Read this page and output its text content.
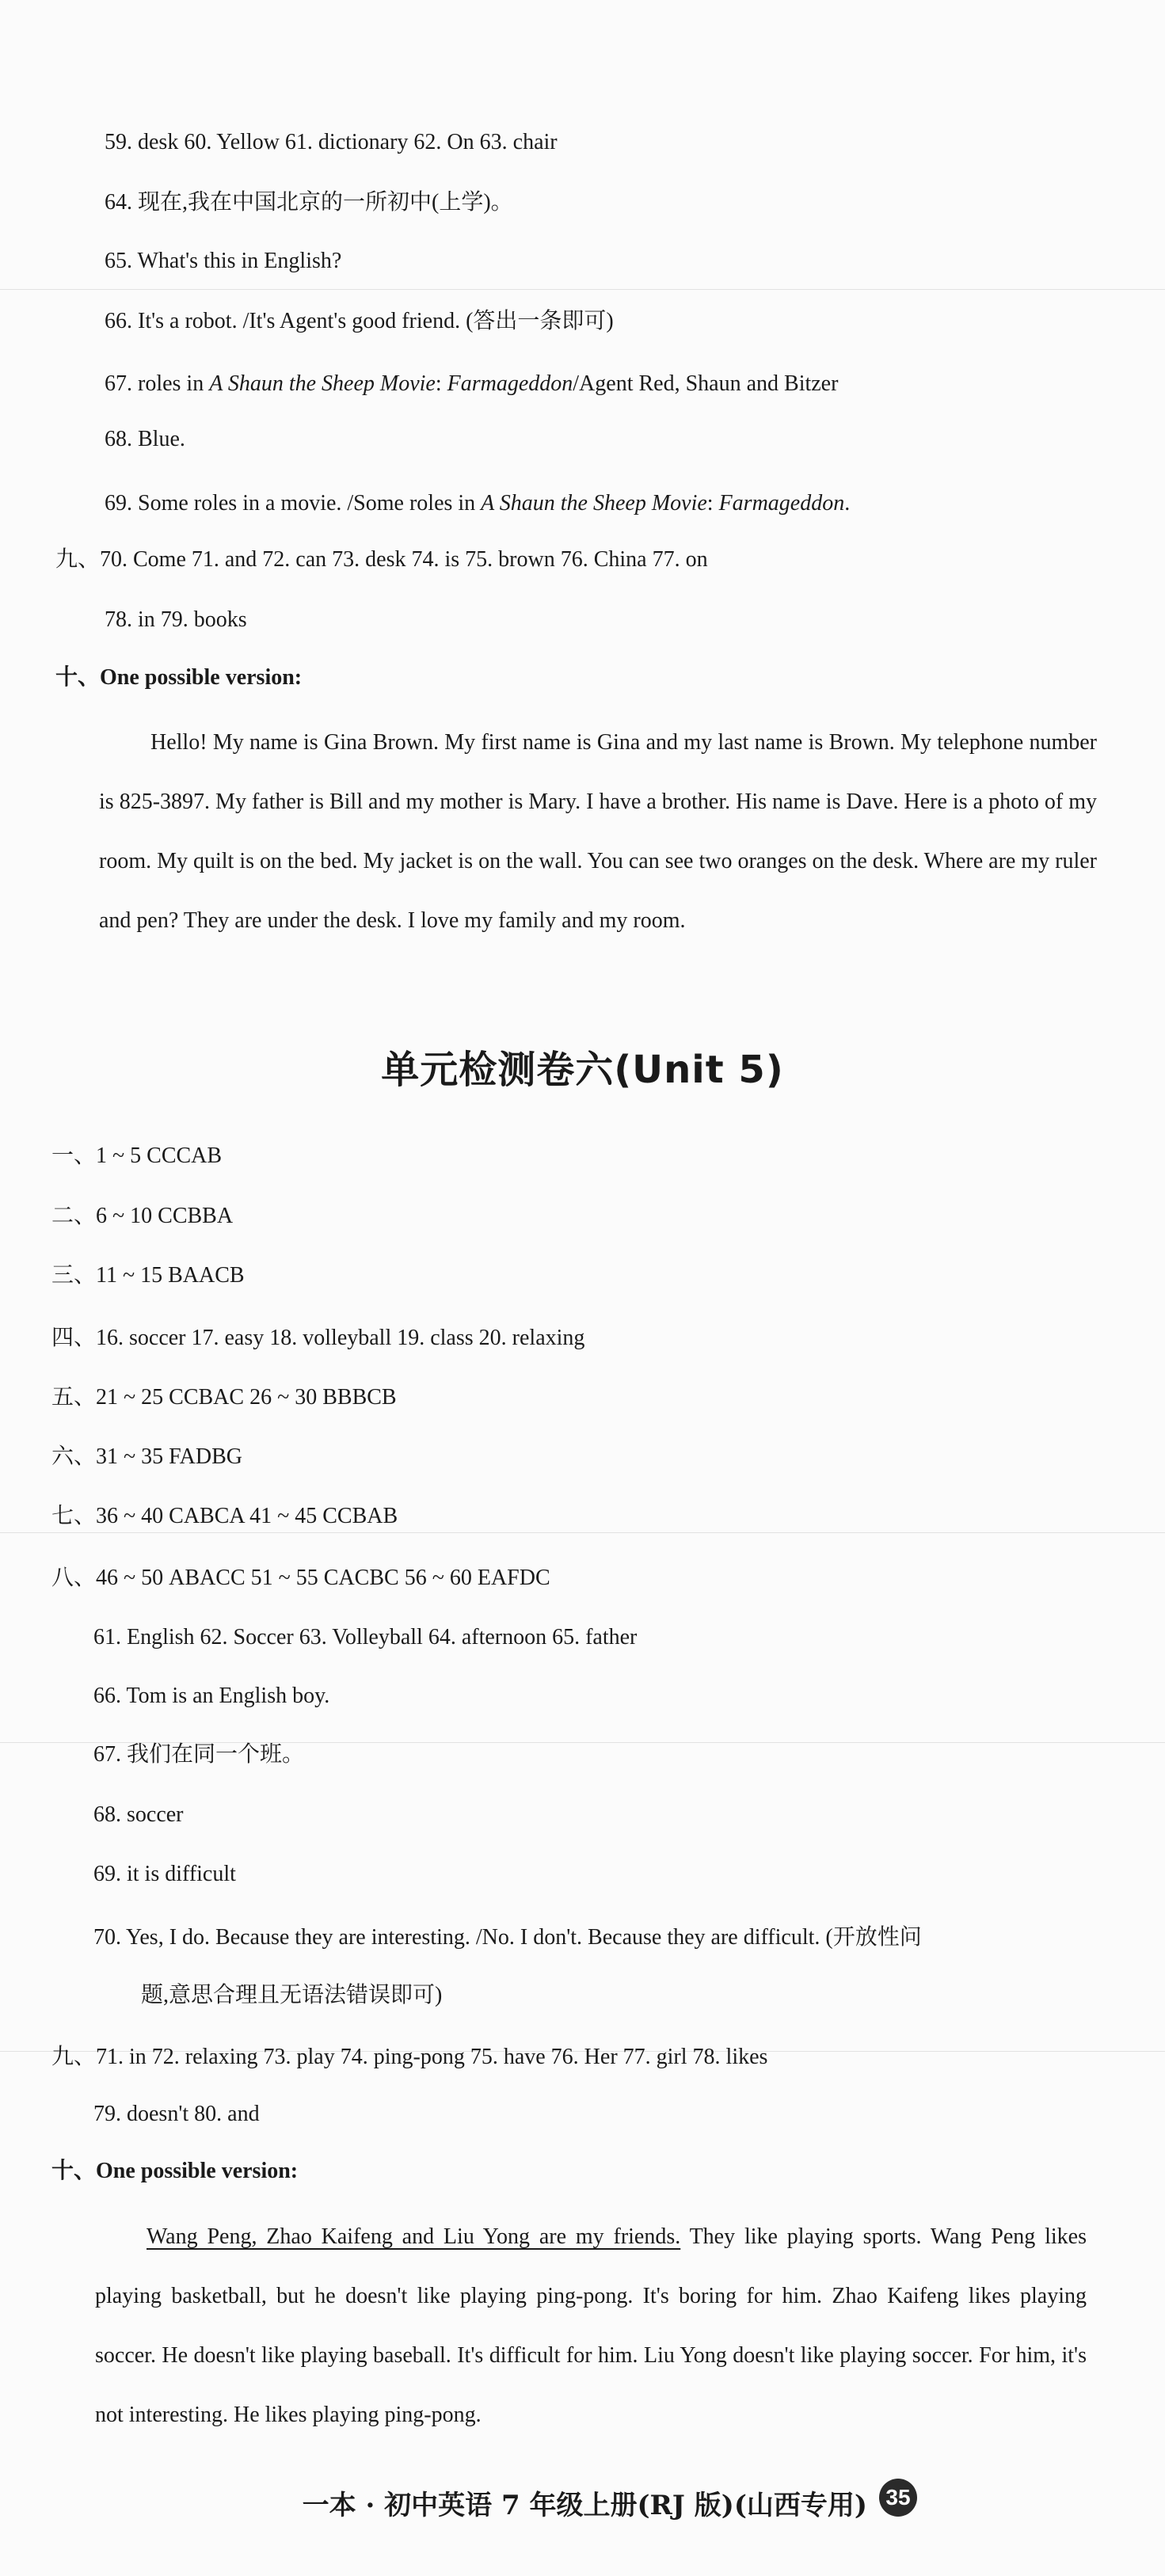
59. desk 60. Yellow 61. dictionary 62. On 63. chair
64. 现在,我在中国北京的一所初中(上学)。
65. What's this in English?
66. It's a robot. /It's Agent's good friend. (答出一条即可)
67. roles in A Shaun the Sheep Movie: Farmageddon/Agent Red, Shaun and Bitzer
68. Blue.
69. Some roles in a movie. /Some roles in A Shaun the Sheep Movie: Farmageddon.
九、70. Come 71. and 72. can 73. desk 74. is 75. brown 76. China 77. on
78. in 79. books
十、One possible version:

Hello! My name is Gina Brown. My first name is Gina and my last name is Brown. My telephone number is 825-3897. My father is Bill and my mother is Mary. I have a brother. His name is Dave. Here is a photo of my room. My quilt is on the bed. My jacket is on the wall. You can see two oranges on the desk. Where are my ruler and pen? They are under the desk. I love my family and my room.

单元检测卷六(Unit 5)
一、1 ~ 5 CCCAB
二、6 ~ 10 CCBBA
三、11 ~ 15 BAACB
四、16. soccer 17. easy 18. volleyball 19. class 20. relaxing
五、21 ~ 25 CCBAC 26 ~ 30 BBBCB
六、31 ~ 35 FADBG
七、36 ~ 40 CABCA 41 ~ 45 CCBAB
八、46 ~ 50 ABACC 51 ~ 55 CACBC 56 ~ 60 EAFDC
61. English 62. Soccer 63. Volleyball 64. afternoon 65. father
66. Tom is an English boy.
67. 我们在同一个班。
68. soccer
69. it is difficult
70. Yes, I do. Because they are interesting. /No. I don't. Because they are difficult. (开放性问
题,意思合理且无语法错误即可)
九、71. in 72. relaxing 73. play 74. ping-pong 75. have 76. Her 77. girl 78. likes
79. doesn't 80. and
十、One possible version:

Wang Peng, Zhao Kaifeng and Liu Yong are my friends. They like playing sports. Wang Peng likes playing basketball, but he doesn't like playing ping-pong. It's boring for him. Zhao Kaifeng likes playing soccer. He doesn't like playing baseball. It's difficult for him. Liu Yong doesn't like playing soccer. For him, it's not interesting. He likes playing ping-pong.

一本 · 初中英语 7 年级上册(RJ 版)(山西专用) 35
